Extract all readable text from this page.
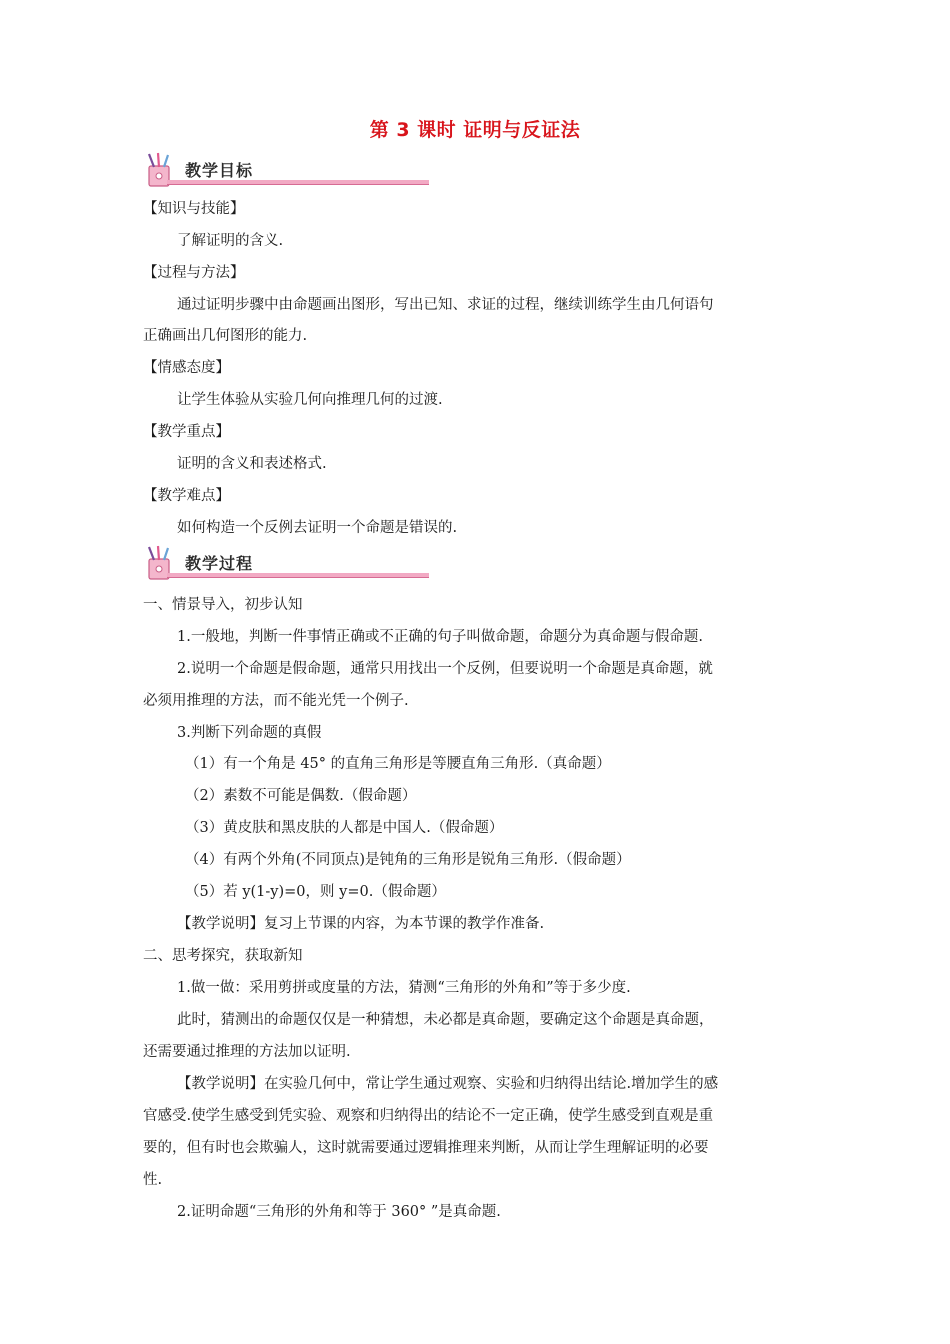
第 3 课时 证明与反证法
教学目标
教学过程
【知识与技能】
了解证明的含义.
【过程与方法】
通过证明步骤中由命题画出图形，写出已知、求证的过程，继续训练学生由几何语句
正确画出几何图形的能力.
【情感态度】
让学生体验从实验几何向推理几何的过渡.
【教学重点】
证明的含义和表述格式.
【教学难点】
如何构造一个反例去证明一个命题是错误的.
一、情景导入，初步认知
1.一般地，判断一件事情正确或不正确的句子叫做命题，命题分为真命题与假命题.
2.说明一个命题是假命题，通常只用找出一个反例，但要说明一个命题是真命题，就
必须用推理的方法，而不能光凭一个例子.
3.判断下列命题的真假
（1）有一个角是 45° 的直角三角形是等腰直角三角形.（真命题）
（2）素数不可能是偶数.（假命题）
（3）黄皮肤和黑皮肤的人都是中国人.（假命题）
（4）有两个外角(不同顶点)是钝角的三角形是锐角三角形.（假命题）
（5）若 y(1-y)=0，则 y=0.（假命题）
【教学说明】复习上节课的内容，为本节课的教学作准备.
二、思考探究，获取新知
1.做一做：采用剪拼或度量的方法，猜测“三角形的外角和”等于多少度.
此时，猜测出的命题仅仅是一种猜想，未必都是真命题，要确定这个命题是真命题，
还需要通过推理的方法加以证明.
【教学说明】在实验几何中，常让学生通过观察、实验和归纳得出结论.增加学生的感
官感受.使学生感受到凭实验、观察和归纳得出的结论不一定正确，使学生感受到直观是重
要的，但有时也会欺骗人，这时就需要通过逻辑推理来判断，从而让学生理解证明的必要
性.
2.证明命题“三角形的外角和等于 360° ”是真命题.
